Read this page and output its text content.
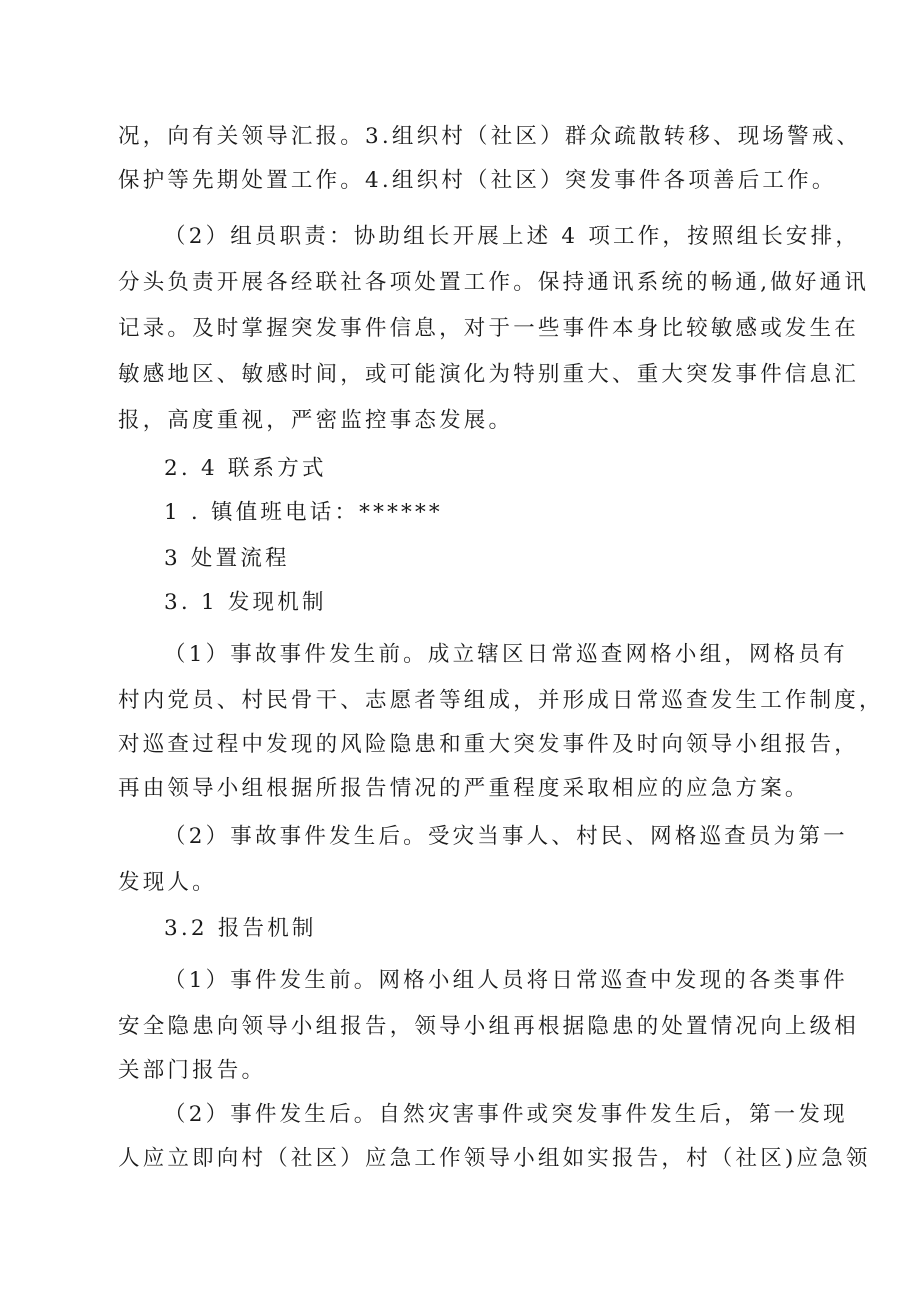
况，向有关领导汇报。3.组织村（社区）群众疏散转移、现场警戒、
保护等先期处置工作。4.组织村（社区）突发事件各项善后工作。
（2）组员职责：协助组长开展上述 4 项工作，按照组长安排，
分头负责开展各经联社各项处置工作。保持通讯系统的畅通,做好通讯
记录。及时掌握突发事件信息，对于一些事件本身比较敏感或发生在
敏感地区、敏感时间，或可能演化为特别重大、重大突发事件信息汇
报，高度重视，严密监控事态发展。
2. 4 联系方式
1 . 镇值班电话：******
3 处置流程
3. 1 发现机制
（1）事故事件发生前。成立辖区日常巡查网格小组，网格员有
村内党员、村民骨干、志愿者等组成，并形成日常巡查发生工作制度，
对巡查过程中发现的风险隐患和重大突发事件及时向领导小组报告，
再由领导小组根据所报告情况的严重程度采取相应的应急方案。
（2）事故事件发生后。受灾当事人、村民、网格巡查员为第一
发现人。
3.2 报告机制
（1）事件发生前。网格小组人员将日常巡查中发现的各类事件
安全隐患向领导小组报告，领导小组再根据隐患的处置情况向上级相
关部门报告。
（2）事件发生后。自然灾害事件或突发事件发生后，第一发现
人应立即向村（社区）应急工作领导小组如实报告，村（社区)应急领
